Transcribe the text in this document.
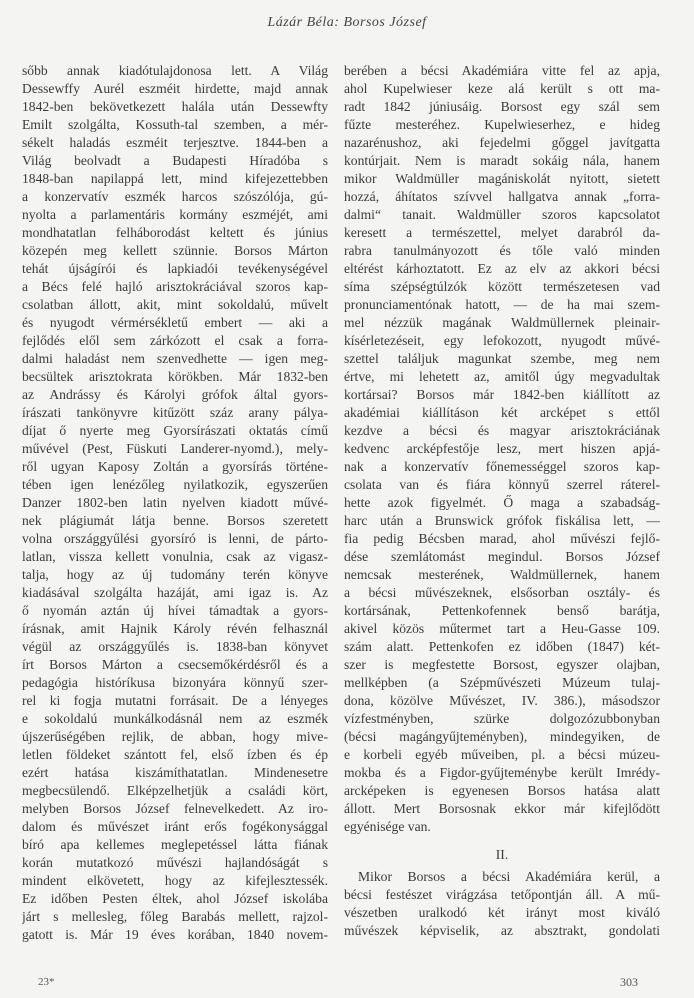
Lázár Béla: Borsos József
sőbb annak kiadótulajdonosa lett. A Világ
Dessewffy Aurél eszméit hirdette, majd annak
1842-ben bekövetkezett halála után Dessewfty
Emilt szolgálta, Kossuth-tal szemben, a mér-
sékelt haladás eszméit terjesztve. 1844-ben a
Világ beolvadt a Budapesti Híradóba s
1848-ban napilappá lett, mind kifejezettebben
a konzervatív eszmék harcos szószólója, gú-
nyolta a parlamentáris kormány eszméjét, ami
mondhatatlan felháborodást keltett és június
közepén meg kellett szünnie. Borsos Márton
tehát újságírói és lapkiadói tevékenységével
a Bécs felé hajló arisztokráciával szoros kap-
csolatban állott, akit, mint sokoldalú, művelt
és nyugodt vérmérsékletű embert — aki a
fejlődés elől sem zárkózott el csak a forra-
dalmi haladást nem szenvedhette — igen meg-
becsültek arisztokrata körökben. Már 1832-ben
az Andrássy és Károlyi grófok által gyors-
írászati tankönyvre kitűzött száz arany pálya-
díjat ő nyerte meg Gyorsírászati oktatás című
művével (Pest, Füskuti Landerer-nyomd.), mely-
ről ugyan Kaposy Zoltán a gyorsírás történe-
tében igen lenézőleg nyilatkozik, egyszerűen
Danzer 1802-ben latin nyelven kiadott művé-
nek plágiumát látja benne. Borsos szeretett
volna országgyűlési gyorsíró is lenni, de párto-
latlan, vissza kellett vonulnia, csak az vigasz-
talja, hogy az új tudomány terén könyve
kiadásával szolgálta hazáját, ami igaz is. Az
ő nyomán aztán új hívei támadtak a gyors-
írásnak, amit Hajnik Károly révén felhasznál
végül az országgyűlés is. 1838-ban könyvet
írt Borsos Márton a csecsemőkérdésről és a
pedagógia históríkusa bizonyára könnyű szer-
rel ki fogja mutatni forrásait. De a lényeges
e sokoldalú munkálkodásnál nem az eszmék
újszerűségében rejlik, de abban, hogy mive-
letlen földeket szántott fel, első ízben és ép
ezért hatása kiszámíthatatlan. Mindenesetre
megbecsülendő. Elképzelhetjük a családi kört,
melyben Borsos József felnevelkedett. Az iro-
dalom és művészet iránt erős fogékonysággal
bíró apa kellemes meglepetéssel látta fiának
korán mutatkozó művészi hajlandóságát s
mindent elkövetett, hogy az kifejlesztessék.
Ez időben Pesten éltek, ahol József iskolába
járt s mellesleg, főleg Barabás mellett, rajzol-
gatott is. Már 19 éves korában, 1840 novem-
berében a bécsi Akadémiára vitte fel az apja,
ahol Kupelwieser keze alá került s ott ma-
radt 1842 júniusáig. Borsost egy szál sem
fűzte mesteréhez. Kupelwieserhez, e hideg
nazarénushoz, aki fejedelmi gőggel javítgatta
kontúrjait. Nem is maradt sokáig nála, hanem
mikor Waldmüller magániskolát nyitott, sietett
hozzá, áhítatos szívvel hallgatva annak „forra-
dalmi“ tanait. Waldmüller szoros kapcsolatot
keresett a természettel, melyet darabról da-
rabra tanulmányozott és tőle való minden
eltérést kárhoztatott. Ez az elv az akkori bécsi
síma szépségtúlzók között természetesen vad
pronunciamentónak hatott, — de ha mai szem-
mel nézzük magának Waldmüllernek pleinair-
kísérletezéseit, egy lefokozott, nyugodt művé-
szettel találjuk magunkat szembe, meg nem
értve, mi lehetett az, amitől úgy megvadultak
kortársai? Borsos már 1842-ben kiállított az
akadémiai kiállításon két arcképet s ettől
kezdve a bécsi és magyar arisztokráciának
kedvenc arcképfestője lesz, mert hiszen apjá-
nak a konzervatív főnemességgel szoros kap-
csolata van és fiára könnyű szerrel ráterel-
hette azok figyelmét. Ő maga a szabadság-
harc után a Brunswick grófok fiskálisa lett, —
fia pedig Bécsben marad, ahol művészi fejlő-
dése szemlátomást megindul. Borsos József
nemcsak mesterének, Waldmüllernek, hanem
a bécsi művészeknek, elsősorban osztály- és
kortársának, Pettenkofennek benső barátja,
akivel közös műtermet tart a Heu-Gasse 109.
szám alatt. Pettenkofen ez időben (1847) két-
szer is megfestette Borsost, egyszer olajban,
mellképben (a Szépművészeti Múzeum tulaj-
dona, közölve Művészet, IV. 386.), másodszor
vízfestményben, szürke dolgozózubbonyban
(bécsi magángyűjteményben), mindegyiken, de
e korbeli egyéb műveiben, pl. a bécsi múzeu-
mokba és a Figdor-gyűjteménybe került Imrédy-
arcképeken is egyenesen Borsos hatása alatt
állott. Mert Borsosnak ekkor már kifejlődött
egyénisége van.
II.
Mikor Borsos a bécsi Akadémiára kerül, a
bécsi festészet virágzása tetőpontján áll. A mű-
vészetben uralkodó két irányt most kiváló
művészek képviselik, az absztrakt, gondolati
23*	303
